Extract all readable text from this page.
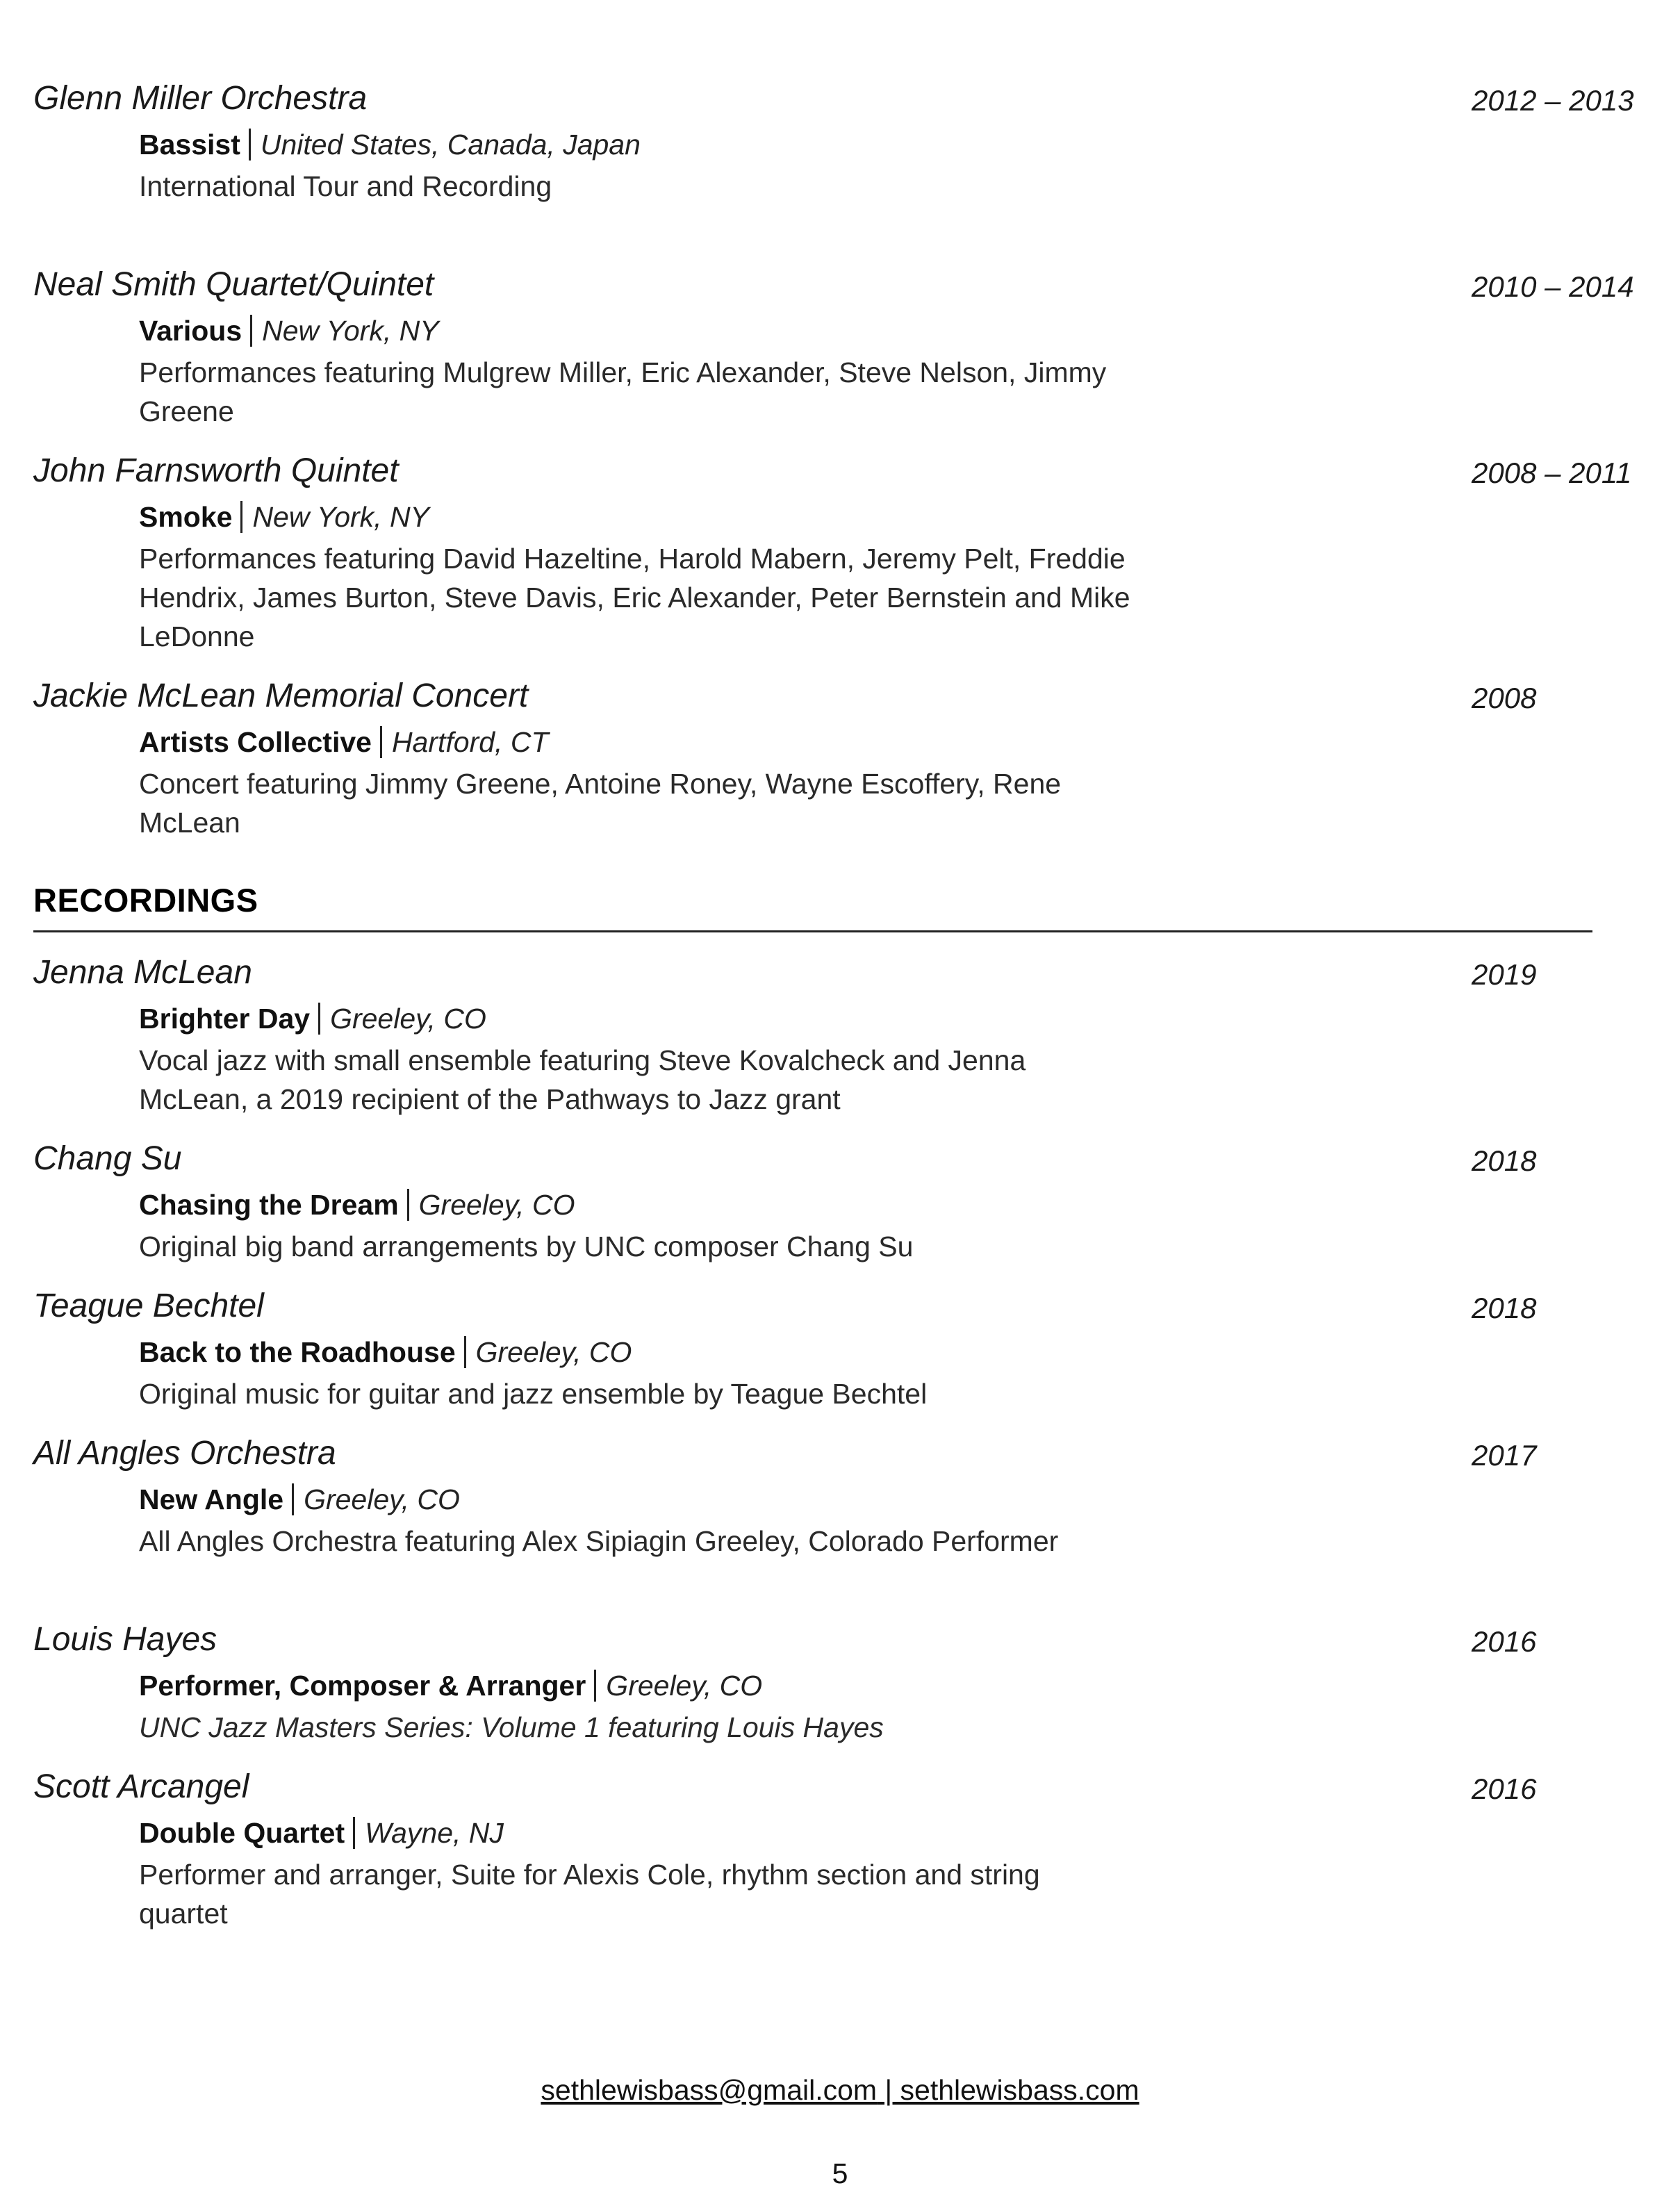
Glenn Miller Orchestra	2012 – 2013
Bassist United States, Canada, Japan
International Tour and Recording
Neal Smith Quartet/Quintet	2010 – 2014
Various New York, NY
Performances featuring Mulgrew Miller, Eric Alexander, Steve Nelson, Jimmy Greene
John Farnsworth Quintet	2008 – 2011
Smoke New York, NY
Performances featuring David Hazeltine, Harold Mabern, Jeremy Pelt, Freddie Hendrix, James Burton, Steve Davis, Eric Alexander, Peter Bernstein and Mike LeDonne
Jackie McLean Memorial Concert	2008
Artists Collective Hartford, CT
Concert featuring Jimmy Greene, Antoine Roney, Wayne Escoffery, Rene McLean
RECORDINGS
Jenna McLean	2019
Brighter Day Greeley, CO
Vocal jazz with small ensemble featuring Steve Kovalcheck and Jenna McLean, a 2019 recipient of the Pathways to Jazz grant
Chang Su	2018
Chasing the Dream Greeley, CO
Original big band arrangements by UNC composer Chang Su
Teague Bechtel	2018
Back to the Roadhouse Greeley, CO
Original music for guitar and jazz ensemble by Teague Bechtel
All Angles Orchestra	2017
New Angle Greeley, CO
All Angles Orchestra featuring Alex Sipiagin Greeley, Colorado Performer
Louis Hayes	2016
Performer, Composer & Arranger Greeley, CO
UNC Jazz Masters Series: Volume 1 featuring Louis Hayes
Scott Arcangel	2016
Double Quartet Wayne, NJ
Performer and arranger, Suite for Alexis Cole, rhythm section and string quartet
sethlewisbass@gmail.com | sethlewisbass.com
5
